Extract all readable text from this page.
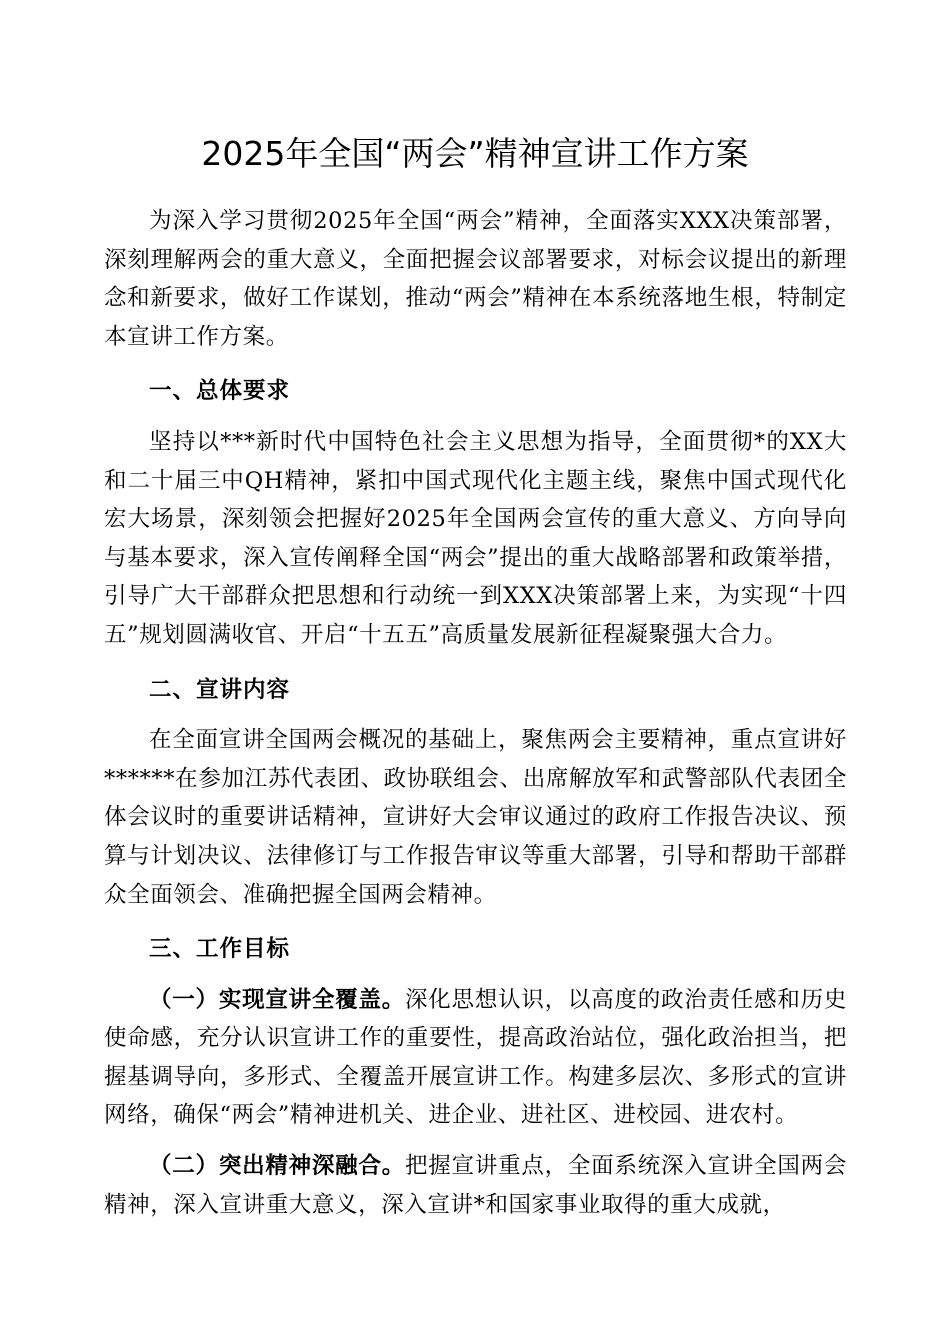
2025年全国“两会”精神宣讲工作方案

为深入学习贯彻2025年全国“两会”精神，全面落实XXX决策部署，深刻理解两会的重大意义，全面把握会议部署要求，对标会议提出的新理念和新要求，做好工作谋划，推动“两会”精神在本系统落地生根，特制定本宣讲工作方案。

一、总体要求

坚持以***新时代中国特色社会主义思想为指导，全面贯彻*的XX大和二十届三中QH精神，紧扣中国式现代化主题主线，聚焦中国式现代化宏大场景，深刻领会把握好2025年全国两会宣传的重大意义、方向导向与基本要求，深入宣传阐释全国“两会”提出的重大战略部署和政策举措，引导广大干部群众把思想和行动统一到XXX决策部署上来，为实现“十四五”规划圆满收官、开启“十五五”高质量发展新征程凝聚强大合力。

二、宣讲内容

在全面宣讲全国两会概况的基础上，聚焦两会主要精神，重点宣讲好******在参加江苏代表团、政协联组会、出席解放军和武警部队代表团全体会议时的重要讲话精神，宣讲好大会审议通过的政府工作报告决议、预算与计划决议、法律修订与工作报告审议等重大部署，引导和帮助干部群众全面领会、准确把握全国两会精神。

三、工作目标

（一）实现宣讲全覆盖。深化思想认识，以高度的政治责任感和历史使命感，充分认识宣讲工作的重要性，提高政治站位，强化政治担当，把握基调导向，多形式、全覆盖开展宣讲工作。构建多层次、多形式的宣讲网络，确保“两会”精神进机关、进企业、进社区、进校园、进农村。

（二）突出精神深融合。把握宣讲重点，全面系统深入宣讲全国两会精神，深入宣讲重大意义，深入宣讲*和国家事业取得的重大成就，
